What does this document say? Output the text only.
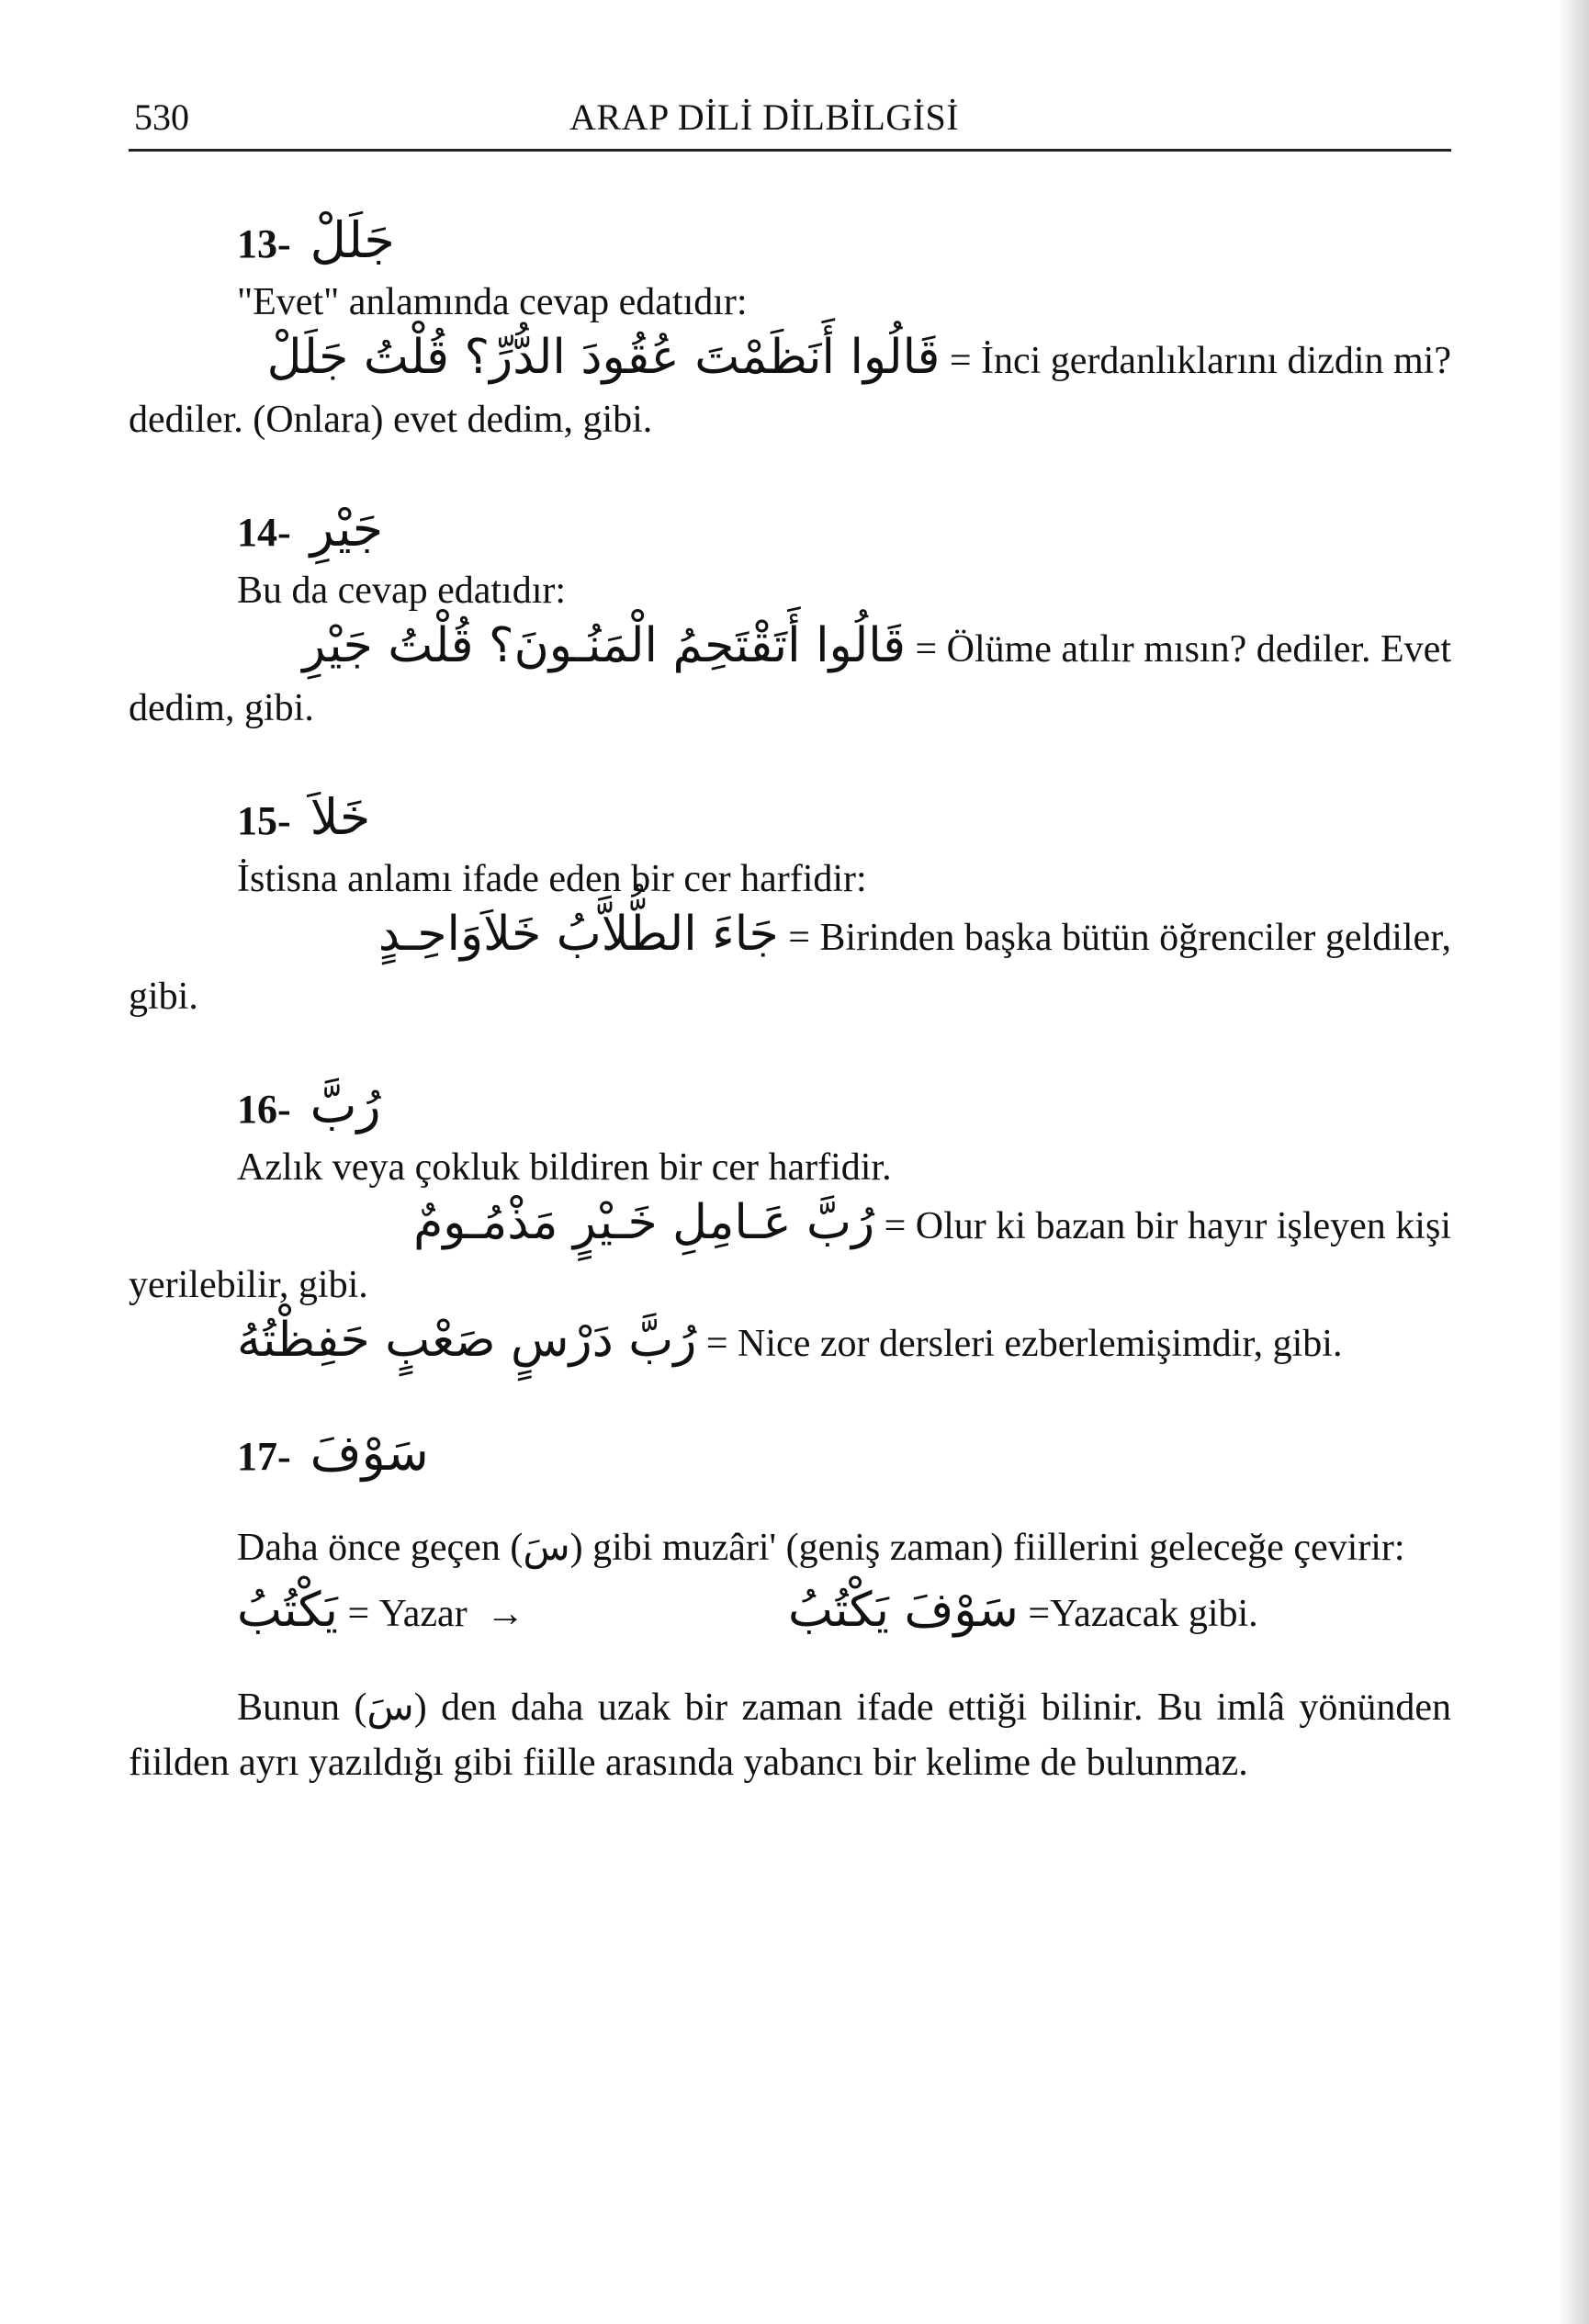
530	ARAP DİLİ DİLBİLGİSİ
13- جَلَلْ
"Evet" anlamında cevap edatıdır:
قَالُوا أَنَظَمْتَ عُقُودَ الدُّرِّ؟ قُلْتُ جَلَلْ = İnci gerdanlıklarını dizdin mi?
dediler. (Onlara) evet dedim, gibi.
14- جَيْرِ
Bu da cevap edatıdır:
قَالُوا أَتَقْتَحِمُ الْمَنُـونَ؟ قُلْتُ جَيْرِ = Ölüme atılır mısın? dediler. Evet
dedim, gibi.
15- خَلاَ
İstisna anlamı ifade eden bir cer harfidir:
جَاءَ الطُّلاَّبُ خَلاَوَاحِـدٍ = Birinden başka bütün öğrenciler geldiler,
gibi.
16- رُبَّ
Azlık veya çokluk bildiren bir cer harfidir.
رُبَّ عَـامِلِ خَـيْرٍ مَذْمُـومٌ = Olur ki bazan bir hayır işleyen kişi
yerilebilir, gibi.
رُبَّ دَرْسٍ صَعْبٍ حَفِظْتُهُ = Nice zor dersleri ezberlemişimdir, gibi.
17- سَوْفَ
Daha önce geçen (سَ) gibi muzâri' (geniş zaman) fiillerini geleceğe çevirir:
يَكْتُبُ = Yazar →	سَوْفَ يَكْتُبُ =Yazacak gibi.
Bunun (سَ) den daha uzak bir zaman ifade ettiği bilinir. Bu imlâ yönünden fiilden ayrı yazıldığı gibi fiille arasında yabancı bir kelime de bulunmaz.
